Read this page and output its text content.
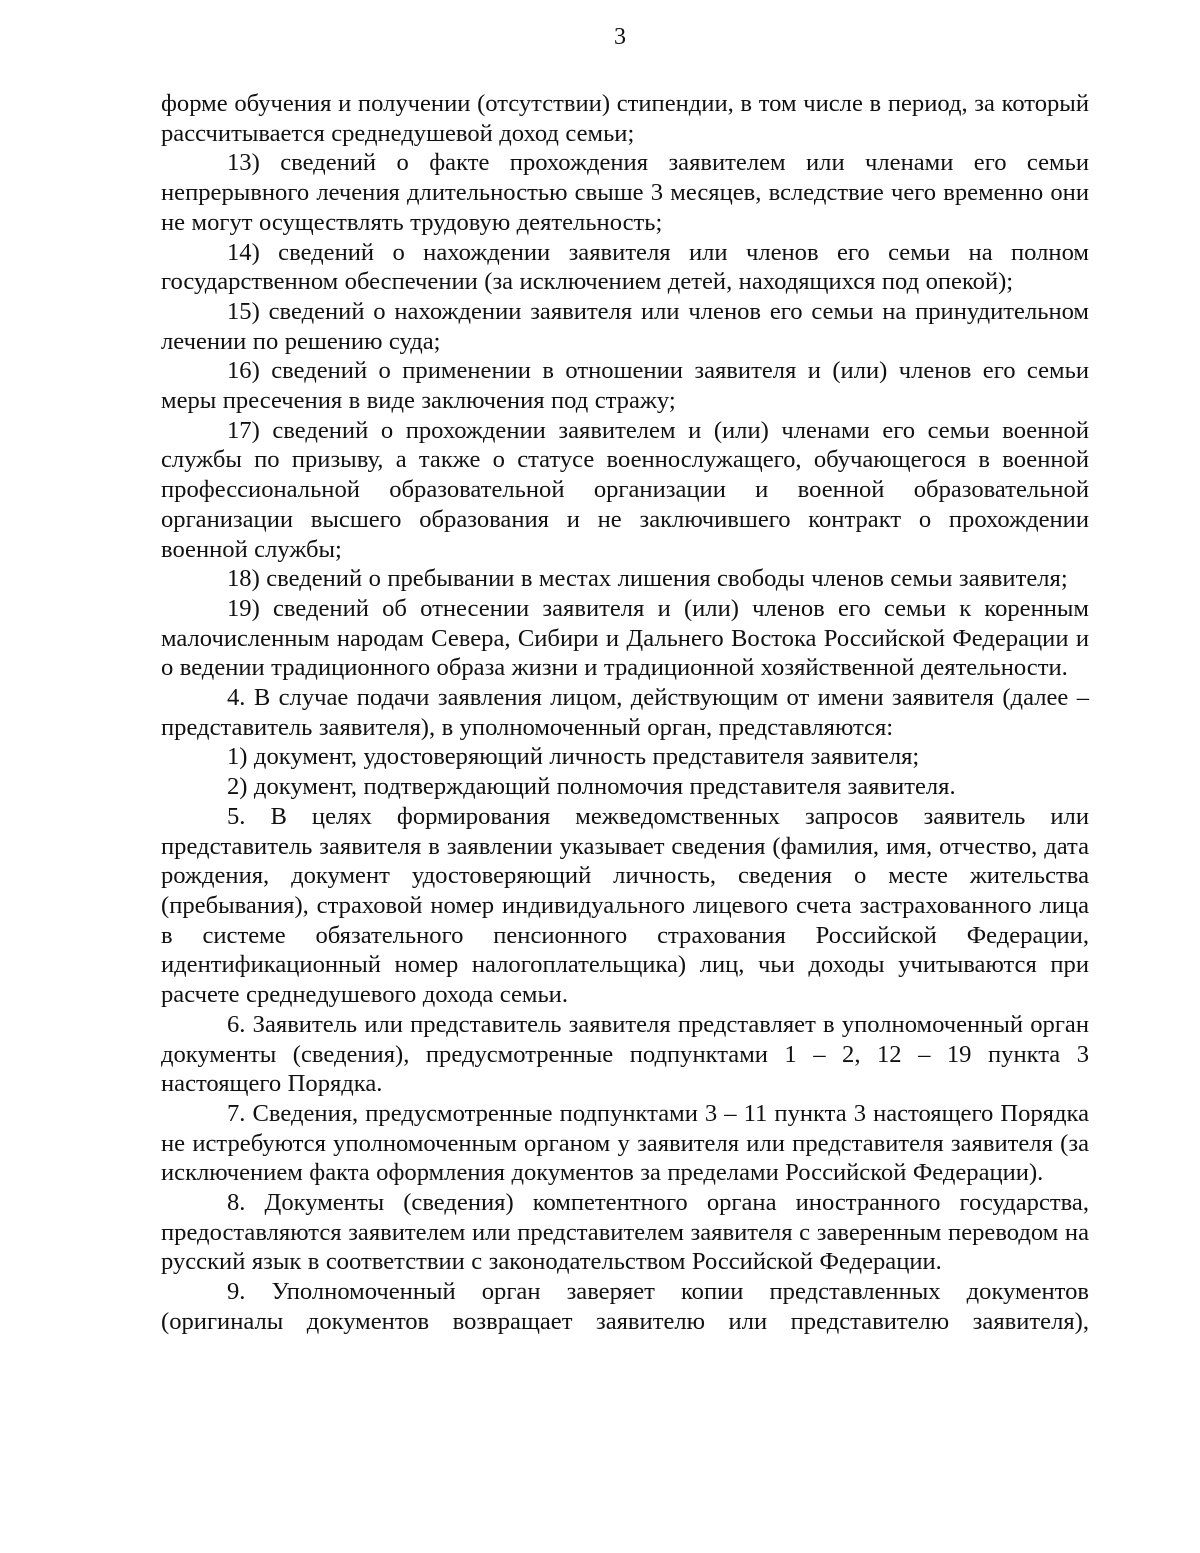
3

форме обучения и получении (отсутствии) стипендии, в том числе в период, за который рассчитывается среднедушевой доход семьи;

13) сведений о факте прохождения заявителем или членами его семьи непрерывного лечения длительностью свыше 3 месяцев, вследствие чего временно они не могут осуществлять трудовую деятельность;

14) сведений о нахождении заявителя или членов его семьи на полном государственном обеспечении (за исключением детей, находящихся под опекой);

15) сведений о нахождении заявителя или членов его семьи на принудительном лечении по решению суда;

16) сведений о применении в отношении заявителя и (или) членов его семьи меры пресечения в виде заключения под стражу;

17) сведений о прохождении заявителем и (или) членами его семьи военной службы по призыву, а также о статусе военнослужащего, обучающегося в военной профессиональной образовательной организации и военной образовательной организации высшего образования и не заключившего контракт о прохождении военной службы;

18) сведений о пребывании в местах лишения свободы членов семьи заявителя;

19) сведений об отнесении заявителя и (или) членов его семьи к коренным малочисленным народам Севера, Сибири и Дальнего Востока Российской Федерации и о ведении традиционного образа жизни и традиционной хозяйственной деятельности.

4. В случае подачи заявления лицом, действующим от имени заявителя (далее – представитель заявителя), в уполномоченный орган, представляются:

1) документ, удостоверяющий личность представителя заявителя;

2) документ, подтверждающий полномочия представителя заявителя.

5. В целях формирования межведомственных запросов заявитель или представитель заявителя в заявлении указывает сведения (фамилия, имя, отчество, дата рождения, документ удостоверяющий личность, сведения о месте жительства (пребывания), страховой номер индивидуального лицевого счета застрахованного лица в системе обязательного пенсионного страхования Российской Федерации, идентификационный номер налогоплательщика) лиц, чьи доходы учитываются при расчете среднедушевого дохода семьи.

6. Заявитель или представитель заявителя представляет в уполномоченный орган документы (сведения), предусмотренные подпунктами 1 – 2, 12 – 19 пункта 3 настоящего Порядка.

7. Сведения, предусмотренные подпунктами 3 – 11 пункта 3 настоящего Порядка не истребуются уполномоченным органом у заявителя или представителя заявителя (за исключением факта оформления документов за пределами Российской Федерации).

8. Документы (сведения) компетентного органа иностранного государства, предоставляются заявителем или представителем заявителя с заверенным переводом на русский язык в соответствии с законодательством Российской Федерации.

9. Уполномоченный орган заверяет копии представленных документов (оригиналы документов возвращает заявителю или представителю заявителя),
